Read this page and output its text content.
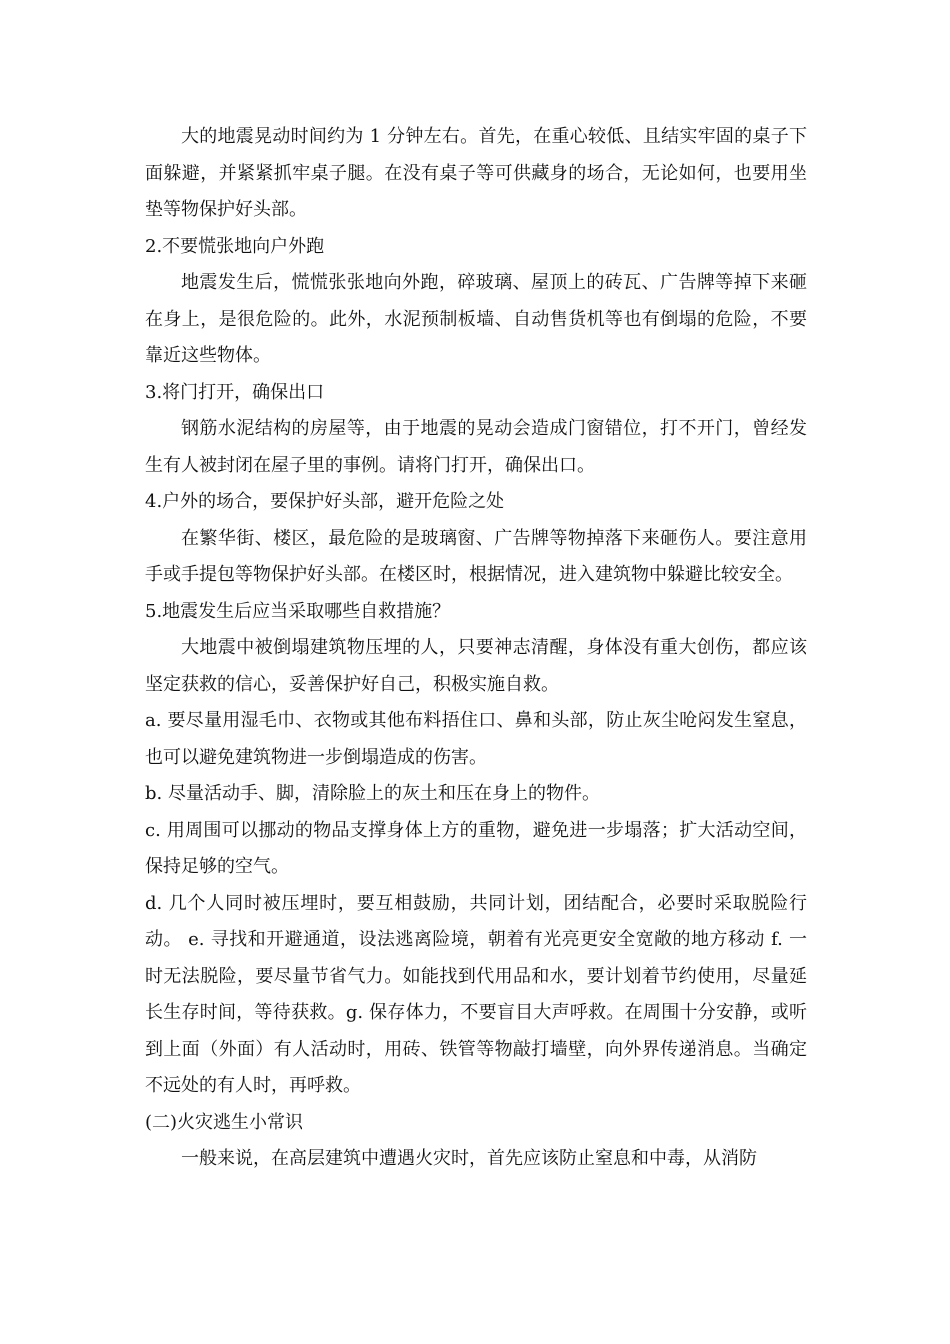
大的地震晃动时间约为 1 分钟左右。首先，在重心较低、且结实牢固的桌子下面躲避，并紧紧抓牢桌子腿。在没有桌子等可供藏身的场合，无论如何，也要用坐垫等物保护好头部。

2.不要慌张地向户外跑

地震发生后，慌慌张张地向外跑，碎玻璃、屋顶上的砖瓦、广告牌等掉下来砸在身上，是很危险的。此外，水泥预制板墙、自动售货机等也有倒塌的危险，不要靠近这些物体。

3.将门打开，确保出口

钢筋水泥结构的房屋等，由于地震的晃动会造成门窗错位，打不开门，曾经发生有人被封闭在屋子里的事例。请将门打开，确保出口。

4.户外的场合，要保护好头部，避开危险之处

在繁华街、楼区，最危险的是玻璃窗、广告牌等物掉落下来砸伤人。要注意用手或手提包等物保护好头部。在楼区时，根据情况，进入建筑物中躲避比较安全。

5.地震发生后应当采取哪些自救措施？

大地震中被倒塌建筑物压埋的人，只要神志清醒，身体没有重大创伤，都应该坚定获救的信心，妥善保护好自己，积极实施自救。

a. 要尽量用湿毛巾、衣物或其他布料捂住口、鼻和头部，防止灰尘呛闷发生窒息，也可以避免建筑物进一步倒塌造成的伤害。

b. 尽量活动手、脚，清除脸上的灰土和压在身上的物件。

c. 用周围可以挪动的物品支撑身体上方的重物，避免进一步塌落；扩大活动空间，保持足够的空气。

d. 几个人同时被压埋时，要互相鼓励，共同计划，团结配合，必要时采取脱险行动。 e. 寻找和开避通道，设法逃离险境，朝着有光亮更安全宽敞的地方移动 f. 一时无法脱险，要尽量节省气力。如能找到代用品和水，要计划着节约使用，尽量延长生存时间，等待获救。g. 保存体力，不要盲目大声呼救。在周围十分安静，或听到上面（外面）有人活动时，用砖、铁管等物敲打墙壁，向外界传递消息。当确定不远处的有人时，再呼救。

(二)火灾逃生小常识

一般来说，在高层建筑中遭遇火灾时，首先应该防止窒息和中毒，从消防
